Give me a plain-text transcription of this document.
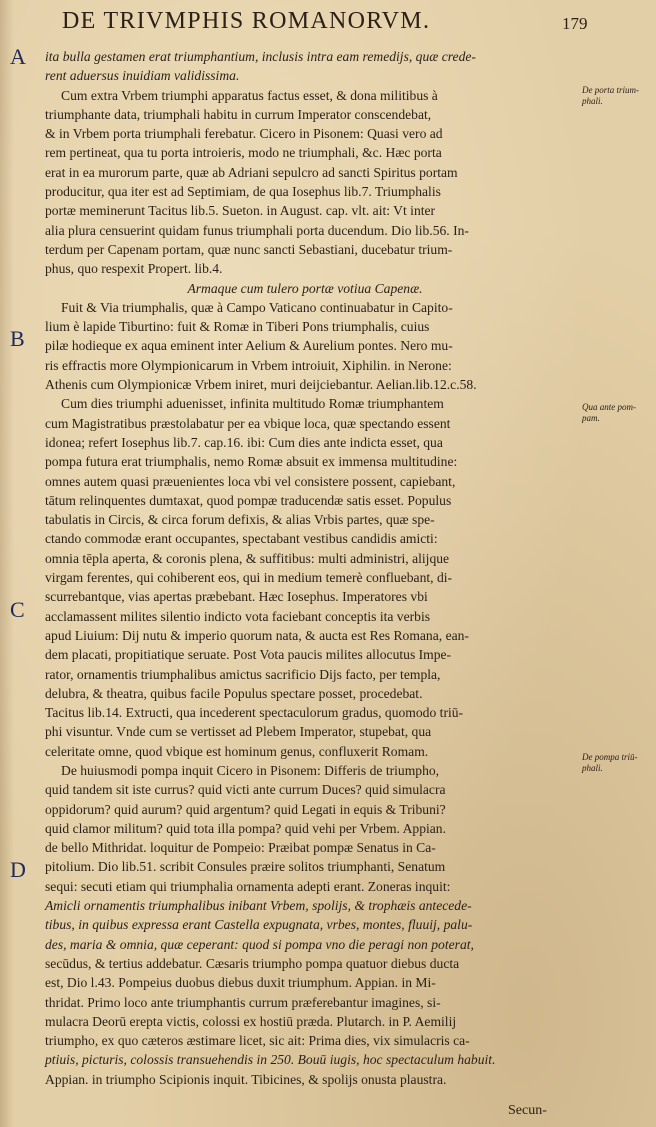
DE TRIVMPHIS ROMANORVM.	179
A
B
C
D
De porta trium-
phali.
Qua ante pom-
pam.
De pompa triū-
phali.
ita bulla gestamen erat triumphantium, inclusis intra eam remedijs, quæ crede-
rent aduersus inuidiam validissima.
Cum extra Vrbem triumphi apparatus factus esset, & dona militibus à
triumphante data, triumphali habitu in currum Imperator conscendebat,
& in Vrbem porta triumphali ferebatur. Cicero in Pisonem: Quasi vero ad
rem pertineat, qua tu porta introieris, modo ne triumphali, &c. Hæc porta
erat in ea murorum parte, quæ ab Adriani sepulcro ad sancti Spiritus portam
producitur, qua iter est ad Septimiam, de qua Iosephus lib.7. Triumphalis
portæ meminerunt Tacitus lib.5. Sueton. in August. cap. vlt. ait: Vt inter
alia plura censuerint quidam funus triumphali porta ducendum. Dio lib.56. In-
terdum per Capenam portam, quæ nunc sancti Sebastiani, ducebatur trium-
phus, quo respexit Propert. lib.4.
Armaque cum tulero portæ votiua Capenæ.
Fuit & Via triumphalis, quæ à Campo Vaticano continuabatur in Capito-
lium è lapide Tiburtino: fuit & Romæ in Tiberi Pons triumphalis, cuius
pilæ hodieque ex aqua eminent inter Aelium & Aurelium pontes. Nero mu-
ris effractis more Olympionicarum in Vrbem introiuit, Xiphilin. in Nerone:
Athenis cum Olympionicæ Vrbem iniret, muri deijciebantur. Aelian.lib.12.c.58.
Cum dies triumphi aduenisset, infinita multitudo Romæ triumphantem
cum Magistratibus præstolabatur per ea vbique loca, quæ spectando essent
idonea; refert Iosephus lib.7. cap.16. ibi: Cum dies ante indicta esset, qua
pompa futura erat triumphalis, nemo Romæ absuit ex immensa multitudine:
omnes autem quasi præuenientes loca vbi vel consistere possent, capiebant,
tātum relinquentes dumtaxat, quod pompæ traducendæ satis esset. Populus
tabulatis in Circis, & circa forum defixis, & alias Vrbis partes, quæ spe-
ctando commodæ erant occupantes, spectabant vestibus candidis amicti:
omnia tēpla aperta, & coronis plena, & suffitibus: multi administri, alijque
virgam ferentes, qui cohiberent eos, qui in medium temerè confluebant, di-
scurrebantque, vias apertas præbebant. Hæc Iosephus. Imperatores vbi
acclamassent milites silentio indicto vota faciebant conceptis ita verbis
apud Liuium: Dij nutu & imperio quorum nata, & aucta est Res Romana, ean-
dem placati, propitiatique seruate. Post Vota paucis milites allocutus Impe-
rator, ornamentis triumphalibus amictus sacrificio Dijs facto, per templa,
delubra, & theatra, quibus facile Populus spectare posset, procedebat.
Tacitus lib.14. Extructi, qua incederent spectaculorum gradus, quomodo triū-
phi visuntur. Vnde cum se vertisset ad Plebem Imperator, stupebat, qua
celeritate omne, quod vbique est hominum genus, confluxerit Romam.
De huiusmodi pompa inquit Cicero in Pisonem: Differis de triumpho,
quid tandem sit iste currus? quid victi ante currum Duces? quid simulacra
oppidorum? quid aurum? quid argentum? quid Legati in equis & Tribuni?
quid clamor militum? quid tota illa pompa? quid vehi per Vrbem. Appian.
de bello Mithridat. loquitur de Pompeio: Præibat pompæ Senatus in Ca-
pitolium. Dio lib.51. scribit Consules præire solitos triumphanti, Senatum
sequi: secuti etiam qui triumphalia ornamenta adepti erant. Zoneras inquit:
Amicli ornamentis triumphalibus inibant Vrbem, spolijs, & trophæis antecede-
tibus, in quibus expressa erant Castella expugnata, vrbes, montes, fluuij, palu-
des, maria & omnia, quæ ceperant: quod si pompa vno die peragi non poterat,
secūdus, & tertius addebatur. Cæsaris triumpho pompa quatuor diebus ducta
est, Dio l.43. Pompeius duobus diebus duxit triumphum. Appian. in Mi-
thridat. Primo loco ante triumphantis currum præferebantur imagines, si-
mulacra Deorū erepta victis, colossi ex hostiū præda. Plutarch. in P. Aemilij
triumpho, ex quo cæteros æstimare licet, sic ait: Prima dies, vix simulacris ca-
ptiuis, picturis, colossis transuehendis in 250. Bouū iugis, hoc spectaculum habuit.
Appian. in triumpho Scipionis inquit. Tibicines, & spolijs onusta plaustra.
Secun-
